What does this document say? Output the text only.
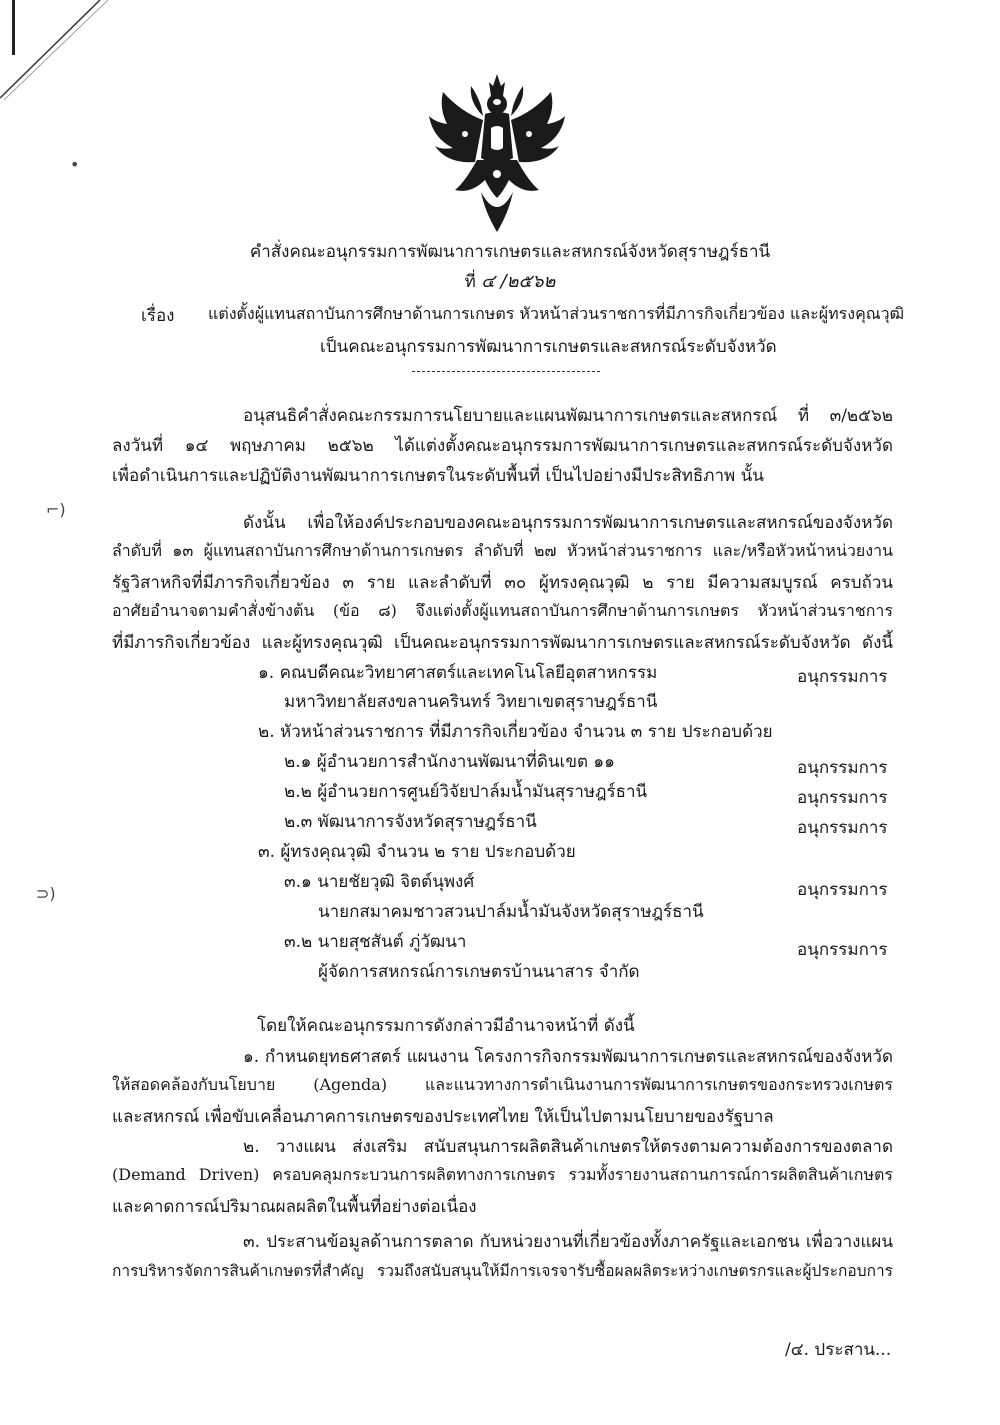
•
⌐)
⊃)
คำสั่งคณะอนุกรรมการพัฒนาการเกษตรและสหกรณ์จังหวัดสุราษฎร์ธานี
ที่ ๔ /๒๕๖๒
เรื่อง แต่งตั้งผู้แทนสถาบันการศึกษาด้านการเกษตร หัวหน้าส่วนราชการที่มีภารกิจเกี่ยวข้อง และผู้ทรงคุณวุฒิ
เป็นคณะอนุกรรมการพัฒนาการเกษตรและสหกรณ์ระดับจังหวัด
อนุสนธิคำสั่งคณะกรรมการนโยบายและแผนพัฒนาการเกษตรและสหกรณ์ ที่ ๓/๒๕๖๒
ลงวันที่ ๑๔ พฤษภาคม ๒๕๖๒ ได้แต่งตั้งคณะอนุกรรมการพัฒนาการเกษตรและสหกรณ์ระดับจังหวัด
เพื่อดำเนินการและปฏิบัติงานพัฒนาการเกษตรในระดับพื้นที่ เป็นไปอย่างมีประสิทธิภาพ นั้น
ดังนั้น เพื่อให้องค์ประกอบของคณะอนุกรรมการพัฒนาการเกษตรและสหกรณ์ของจังหวัด
ลำดับที่ ๑๓ ผู้แทนสถาบันการศึกษาด้านการเกษตร ลำดับที่ ๒๗ หัวหน้าส่วนราชการ และ/หรือหัวหน้าหน่วยงาน
รัฐวิสาหกิจที่มีภารกิจเกี่ยวข้อง ๓ ราย และลำดับที่ ๓๐ ผู้ทรงคุณวุฒิ ๒ ราย มีความสมบูรณ์ ครบถ้วน
อาศัยอำนาจตามคำสั่งข้างต้น (ข้อ ๘) จึงแต่งตั้งผู้แทนสถาบันการศึกษาด้านการเกษตร หัวหน้าส่วนราชการ
ที่มีภารกิจเกี่ยวข้อง และผู้ทรงคุณวุฒิ เป็นคณะอนุกรรมการพัฒนาการเกษตรและสหกรณ์ระดับจังหวัด ดังนี้
๑. คณบดีคณะวิทยาศาสตร์และเทคโนโลยีอุตสาหกรรม	อนุกรรมการ
มหาวิทยาลัยสงขลานครินทร์ วิทยาเขตสุราษฎร์ธานี
๒. หัวหน้าส่วนราชการ ที่มีภารกิจเกี่ยวข้อง จำนวน ๓ ราย ประกอบด้วย
๒.๑ ผู้อำนวยการสำนักงานพัฒนาที่ดินเขต ๑๑	อนุกรรมการ
๒.๒ ผู้อำนวยการศูนย์วิจัยปาล์มน้ำมันสุราษฎร์ธานี	อนุกรรมการ
๒.๓ พัฒนาการจังหวัดสุราษฎร์ธานี	อนุกรรมการ
๓. ผู้ทรงคุณวุฒิ จำนวน ๒ ราย ประกอบด้วย
๓.๑ นายชัยวุฒิ จิตต์นุพงศ์	อนุกรรมการ
นายกสมาคมชาวสวนปาล์มน้ำมันจังหวัดสุราษฎร์ธานี
๓.๒ นายสุชสันต์ ภู่วัฒนา	อนุกรรมการ
ผู้จัดการสหกรณ์การเกษตรบ้านนาสาร จำกัด
โดยให้คณะอนุกรรมการดังกล่าวมีอำนาจหน้าที่ ดังนี้
๑. กำหนดยุทธศาสตร์ แผนงาน โครงการกิจกรรมพัฒนาการเกษตรและสหกรณ์ของจังหวัด
ให้สอดคล้องกับนโยบาย (Agenda) และแนวทางการดำเนินงานการพัฒนาการเกษตรของกระทรวงเกษตร
และสหกรณ์ เพื่อขับเคลื่อนภาคการเกษตรของประเทศไทย ให้เป็นไปตามนโยบายของรัฐบาล
๒. วางแผน ส่งเสริม สนับสนุนการผลิตสินค้าเกษตรให้ตรงตามความต้องการของตลาด
(Demand Driven) ครอบคลุมกระบวนการผลิตทางการเกษตร รวมทั้งรายงานสถานการณ์การผลิตสินค้าเกษตร
และคาดการณ์ปริมาณผลผลิตในพื้นที่อย่างต่อเนื่อง
๓. ประสานข้อมูลด้านการตลาด กับหน่วยงานที่เกี่ยวข้องทั้งภาครัฐและเอกชน เพื่อวางแผน
การบริหารจัดการสินค้าเกษตรที่สำคัญ รวมถึงสนับสนุนให้มีการเจรจารับซื้อผลผลิตระหว่างเกษตรกรและผู้ประกอบการ
/๔. ประสาน...
